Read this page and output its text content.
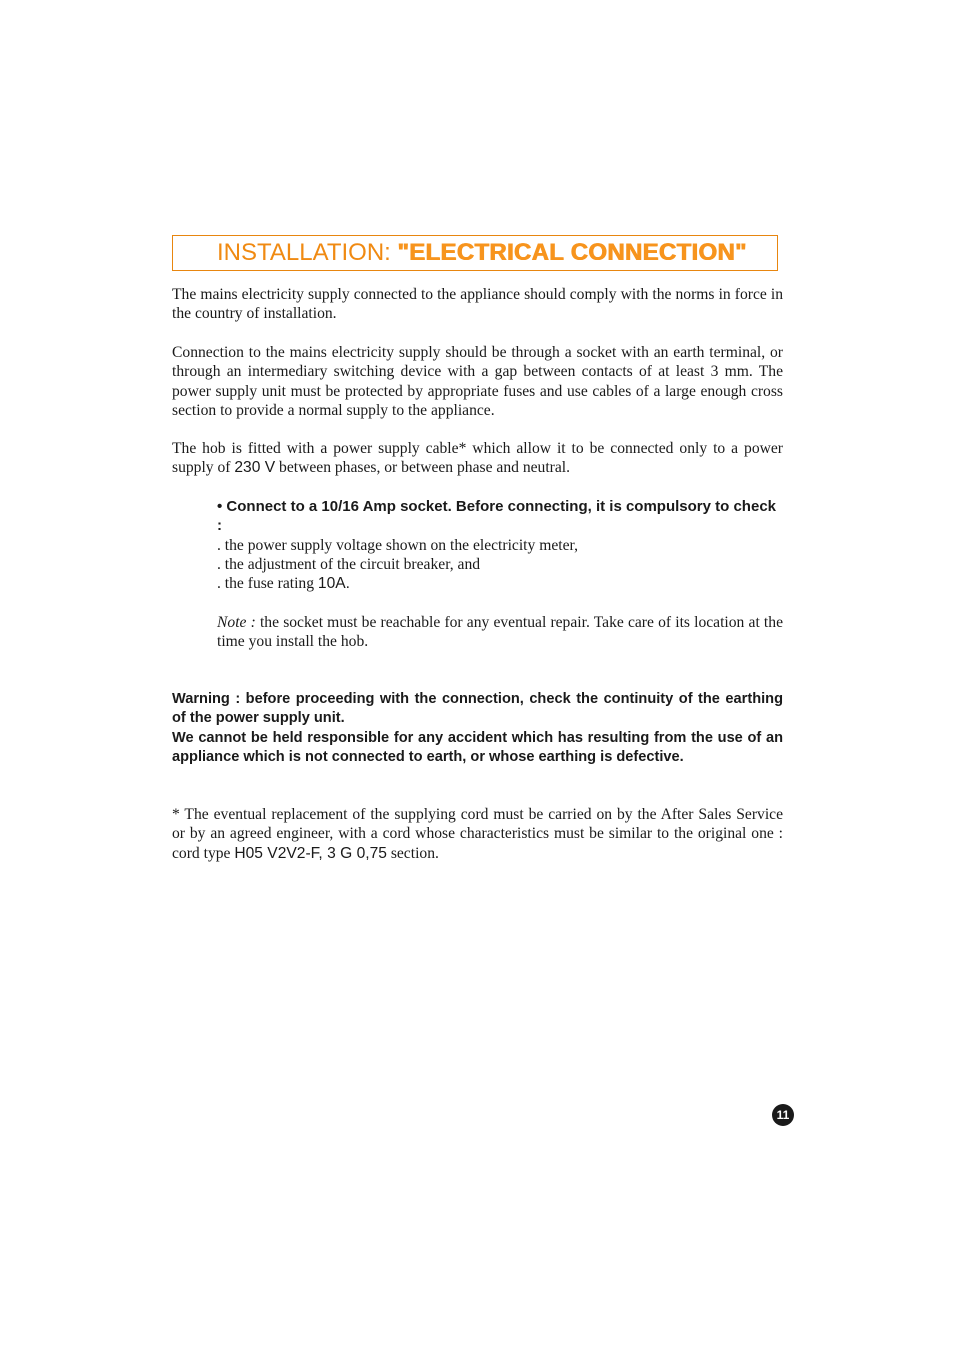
INSTALLATION: "ELECTRICAL CONNECTION"

The mains electricity supply connected to the appliance should comply with the norms in force in the country of installation.

Connection to the mains electricity supply should be through a socket with an earth terminal, or through an intermediary switching device with a gap between contacts of at least 3 mm. The power supply unit must be protected by appropriate fuses and use cables of a large enough cross section to provide a normal supply to the appliance.

The hob is fitted with a power supply cable* which allow it to be connected only to a power supply of 230 V between phases, or between phase and neutral.

• Connect to a 10/16 Amp socket. Before connecting, it is compulsory to check :

. the power supply voltage shown on the electricity meter,

. the adjustment of the circuit breaker, and

. the fuse rating 10A.

Note : the socket must be reachable for any eventual repair. Take care of its location at the time you install the hob.

Warning : before proceeding with the connection, check the continuity of the earthing of the power supply unit.
We cannot be held responsible for any accident which has resulting from the use of an appliance which is not connected to earth, or whose earthing is defective.

* The eventual replacement of the supplying cord must be carried on by the After Sales Service or by an agreed engineer, with a cord whose characteristics must be similar to the original one : cord type H05 V2V2-F, 3 G 0,75 section.

11
